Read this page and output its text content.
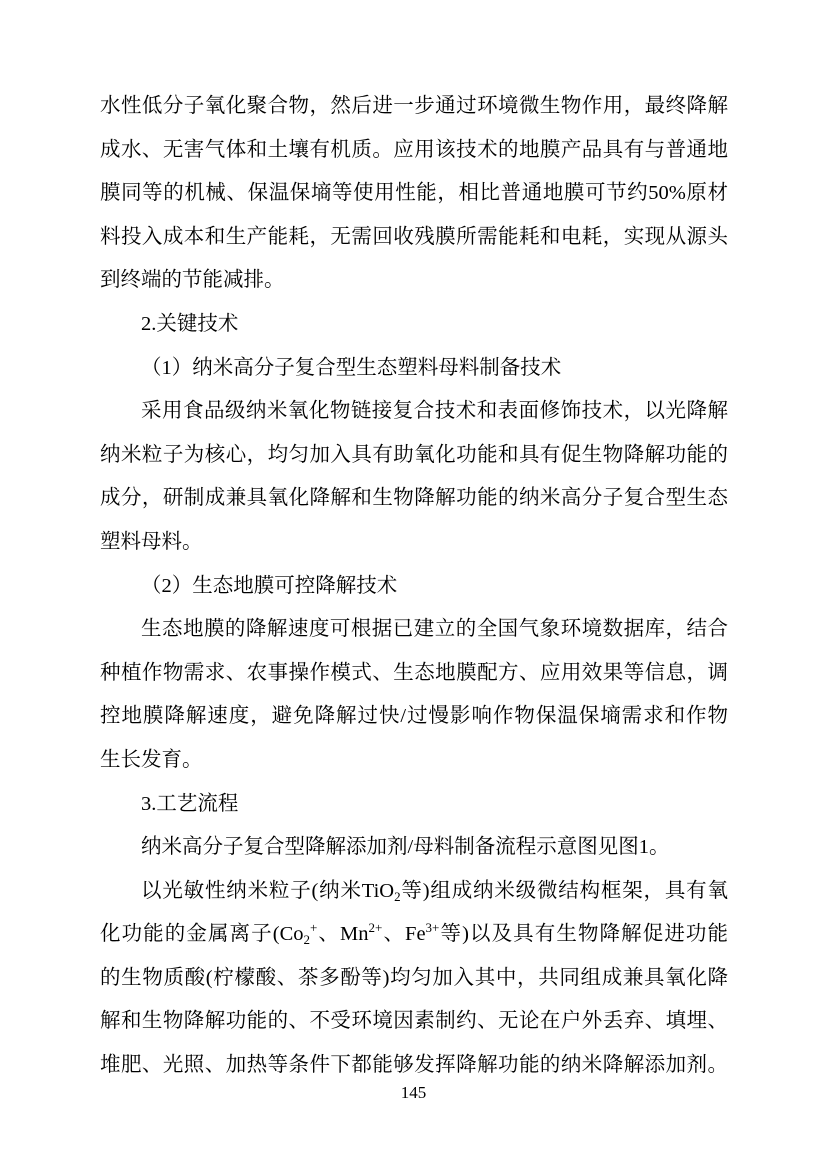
水性低分子氧化聚合物，然后进一步通过环境微生物作用，最终降解
成水、无害气体和土壤有机质。应用该技术的地膜产品具有与普通地
膜同等的机械、保温保墒等使用性能，相比普通地膜可节约50%原材
料投入成本和生产能耗，无需回收残膜所需能耗和电耗，实现从源头
到终端的节能减排。
2.关键技术
（1）纳米高分子复合型生态塑料母料制备技术
采用食品级纳米氧化物链接复合技术和表面修饰技术，以光降解
纳米粒子为核心，均匀加入具有助氧化功能和具有促生物降解功能的
成分，研制成兼具氧化降解和生物降解功能的纳米高分子复合型生态
塑料母料。
（2）生态地膜可控降解技术
生态地膜的降解速度可根据已建立的全国气象环境数据库，结合
种植作物需求、农事操作模式、生态地膜配方、应用效果等信息，调
控地膜降解速度，避免降解过快/过慢影响作物保温保墒需求和作物
生长发育。
3.工艺流程
纳米高分子复合型降解添加剂/母料制备流程示意图见图1。
以光敏性纳米粒子(纳米TiO$_2$等)组成纳米级微结构框架，具有氧
化功能的金属离子($Co_2^+$、$Mn^{2+}$、$Fe^{3+}$等)以及具有生物降解促进功能
的生物质酸(柠檬酸、茶多酚等)均匀加入其中，共同组成兼具氧化降
解和生物降解功能的、不受环境因素制约、无论在户外丢弃、填埋、
堆肥、光照、加热等条件下都能够发挥降解功能的纳米降解添加剂。
145
